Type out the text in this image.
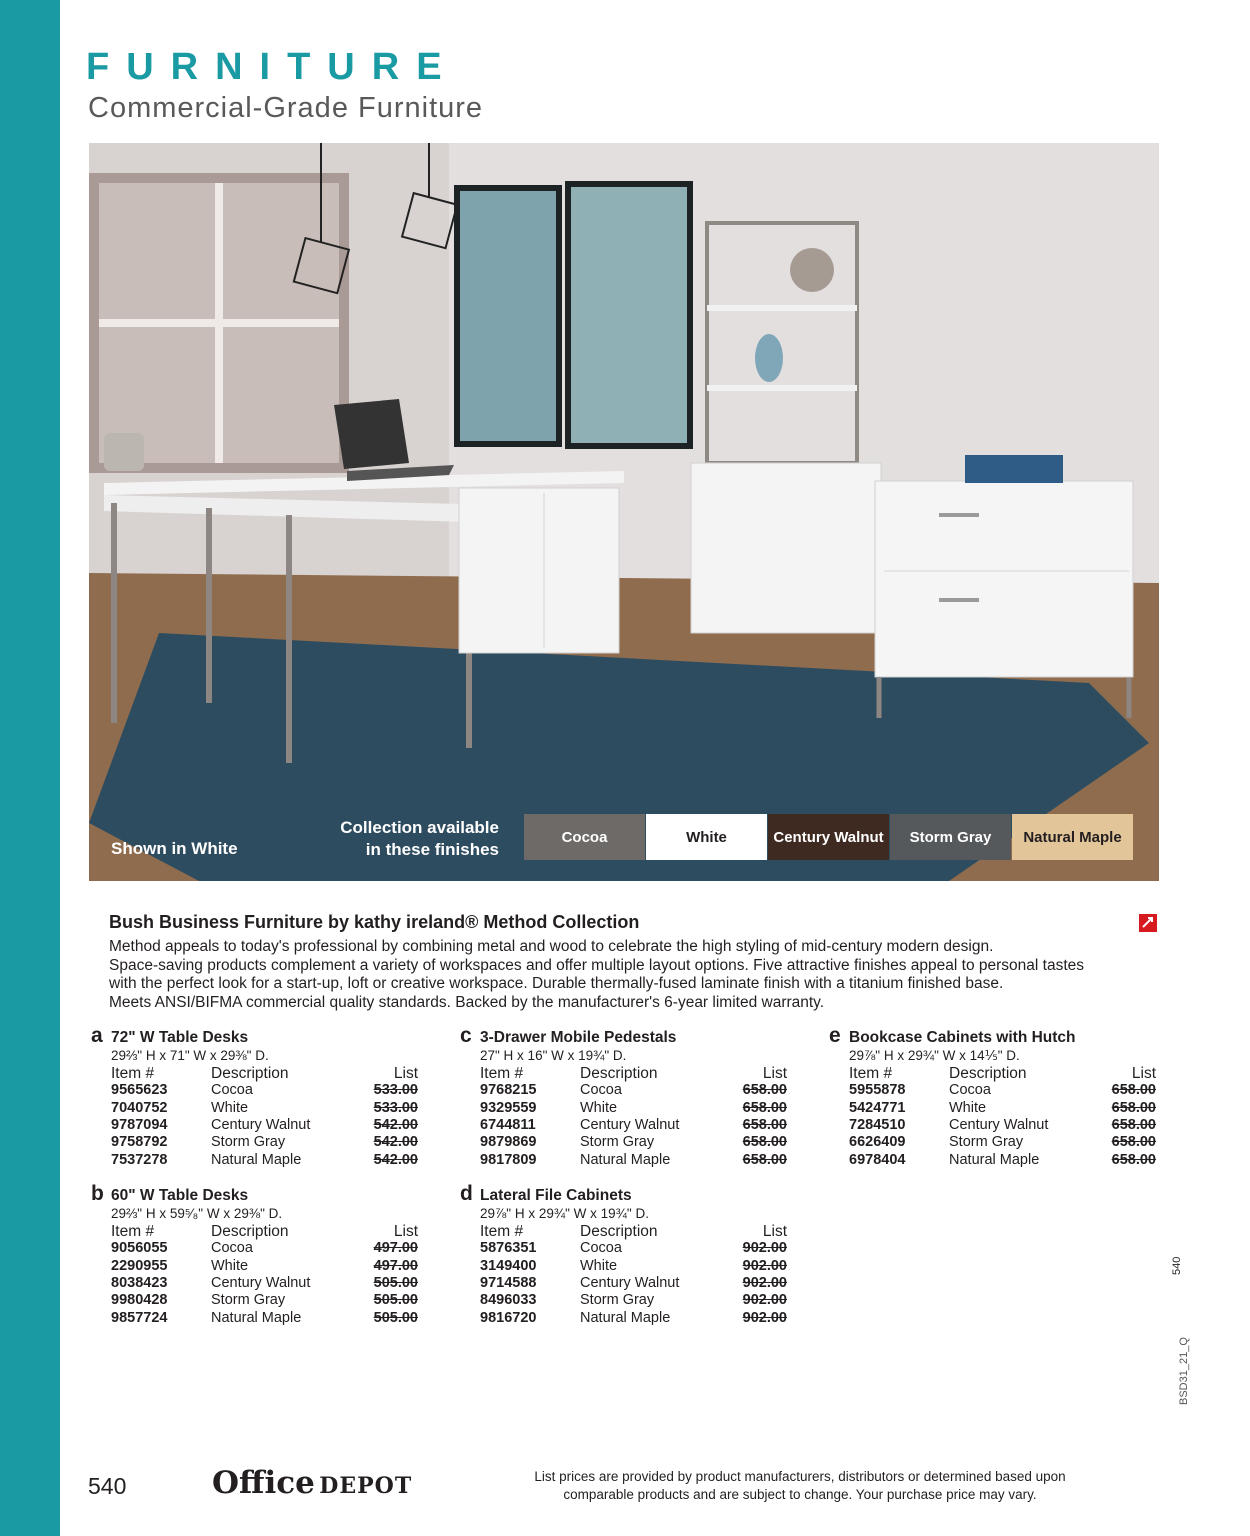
FURNITURE
Commercial-Grade Furniture
Shown in White
Collection available in these finishes
Cocoa	White	Century Walnut Storm Gray Natural Maple
Bush Business Furniture by kathy ireland® Method Collection
Method appeals to today's professional by combining metal and wood to celebrate the high styling of mid-century modern design.
Space-saving products complement a variety of workspaces and offer multiple layout options. Five attractive finishes appeal to personal tastes
with the perfect look for a start-up, loft or creative workspace. Durable thermally-fused laminate finish with a titanium finished base.
Meets ANSI/BIFMA commercial quality standards. Backed by the manufacturer's 6-year limited warranty.
a 72" W Table Desks
29⅔" H x 71" W x 29⅜" D.
Item #	Description	List
9565623	Cocoa	533.00
7040752	White	533.00
9787094	Century Walnut	542.00
9758792	Storm Gray	542.00
7537278	Natural Maple	542.00
b 60" W Table Desks
29⅔" H x 59⁵⁄₈" W x 29⅜" D.
Item #	Description	List
9056055	Cocoa	497.00
2290955	White	497.00
8038423	Century Walnut	505.00
9980428	Storm Gray	505.00
9857724	Natural Maple	505.00
c 3-Drawer Mobile Pedestals
27" H x 16" W x 19¾" D.
Item #	Description	List
9768215	Cocoa	658.00
9329559	White	658.00
6744811	Century Walnut	658.00
9879869	Storm Gray	658.00
9817809	Natural Maple	658.00
d Lateral File Cabinets
29⅞" H x 29¾" W x 19¾" D.
Item #	Description	List
5876351	Cocoa	902.00
3149400	White	902.00
9714588	Century Walnut	902.00
8496033	Storm Gray	902.00
9816720	Natural Maple	902.00
e Bookcase Cabinets with Hutch
29⅞" H x 29¾" W x 14⅕" D.
Item #	Description	List
5955878	Cocoa	658.00
5424771	White	658.00
7284510	Century Walnut	658.00
6626409	Storm Gray	658.00
6978404	Natural Maple	658.00
540
BSD31_21_Q
540	Office DEPOT	List prices are provided by product manufacturers, distributors or determined based upon
comparable products and are subject to change. Your purchase price may vary.
